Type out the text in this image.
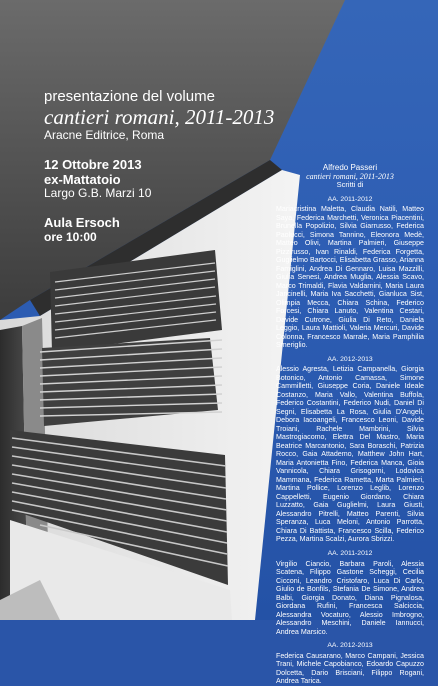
presentazione del volume
cantieri romani, 2011-2013
Aracne Editrice, Roma
12 Ottobre 2013
ex-Mattatoio
Largo G.B. Marzi 10
Aula Ersoch
ore 10:00
Alfredo Passeri
cantieri romani, 2011-2013
Scritti di
AA. 2011-2012
Mariacristina Maletta, Claudia Natili, Matteo Saya, Federica Marchetti, Veronica Piacentini, Brunella Popolizio, Silvia Giarrusso, Federica Paolucci, Simona Tannino, Eleonora Medè, Matteo Olivi, Martina Palmieri, Giuseppe Pizzirusso, Ivan Rinaldi, Federica Forgetta, Guglielmo Bartocci, Elisabetta Grasso, Arianna Famiglini, Andrea Di Gennaro, Luisa Mazzilli, Giulia Senesi, Andrea Muglia, Alessia Scavo, Marco Trimaldi, Flavia Valdarnini, Maria Laura Jancinelli, Maria Iva Sacchetti, Gianluca Sist, Olimpia Mecca, Chiara Schina, Federico Forcesi, Chiara Lanuto, Valentina Cestari, Davide Cutrone, Giulia Di Reto, Daniela Leggio, Laura Mattioli, Valeria Mercuri, Davide Colonna, Francesco Marrale, Maria Pamphilia Smeriglio.
AA. 2012-2013
Alessio Agresta, Letizia Campanella, Giorgia Botonico, Antonio Camassa, Simone Cammilletti, Giuseppe Coria, Daniele Ideale Costanzo, Maria Vallo, Valentina Buffola, Federico Costantini, Federico Nudi, Daniel Di Segni, Elisabetta La Rosa, Giulia D'Angeli, Debora Iacoangeli, Francesco Leoni, Davide Troiani, Rachele Mambrini, Silvia Mastrogiacomo, Elettra Del Mastro, Maria Beatrice Marcantonio, Sara Boraschi, Patrizia Rocco, Gaia Attademo, Matthew John Hart, Maria Antonietta Fino, Federica Manca, Gioia Vannicola, Chiara Grisogorni, Lodovica Mammana, Federica Rametta, Marta Palmieri, Martina Pollice, Lorenzo Leglib, Lorenzo Cappelletti, Eugenio Giordano, Chiara Luzzatto, Gaia Guglielmi, Laura Giusti, Alessandro Pitrelli, Matteo Parenti, Silvia Speranza, Luca Meloni, Antonio Parrotta, Chiara Di Battista, Francesco Scilla, Federico Pezza, Martina Scalzi, Aurora Sbrizzi.
AA. 2011-2012
Virgilio Ciancio, Barbara Paroli, Alessia Scatena, Filippo Gastone Scheggi, Cecilia Cicconi, Leandro Cristofaro, Luca Di Carlo, Giulio de Bonfils, Stefania De Simone, Andrea Balbi, Giorgia Donato, Diana Pignalosa, Giordana Rufini, Francesca Salciccia, Alessandra Vocaturo, Alessio Imbrogno, Alessandro Meschini, Daniele Iannucci, Andrea Marsico.
AA. 2012-2013
Federica Causarano, Marco Campani, Jessica Trani, Michele Capobianco, Edoardo Capuzzo Dolcetta, Dario Brisciani, Filippo Rogani, Andrea Tarica.
